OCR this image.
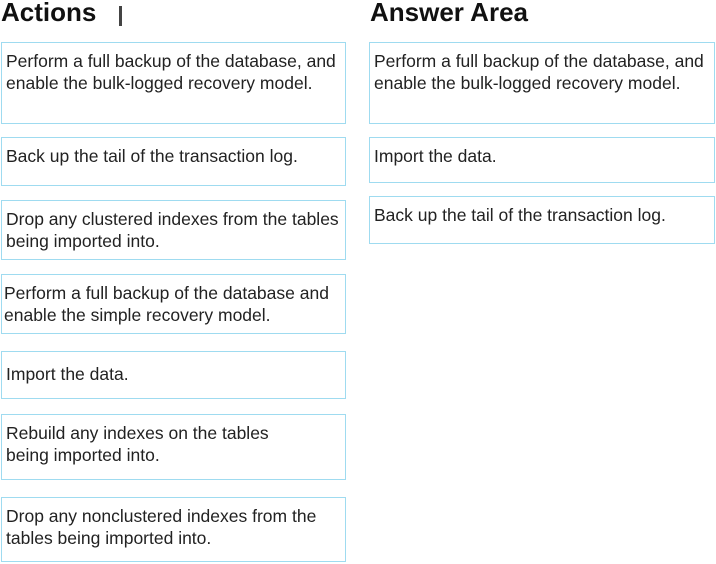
Actions	Answer Area
Perform a full backup of the database, and enable the bulk-logged recovery model.
Back up the tail of the transaction log.
Drop any clustered indexes from the tables being imported into.
Perform a full backup of the database and enable the simple recovery model.
Import the data.
Rebuild any indexes on the tables being imported into.
Drop any nonclustered indexes from the tables being imported into.
Perform a full backup of the database, and enable the bulk-logged recovery model.
Import the data.
Back up the tail of the transaction log.
